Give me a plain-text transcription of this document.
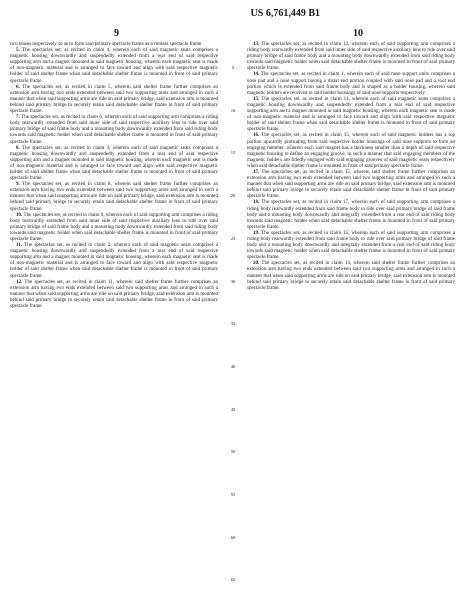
US 6,761,449 B1
9	10

two lenses respectively so as to form said primary spectacle frame as a rimless spectacle frame.

5. The spectacles set, as recited in claim 4, wherein each of said magnetic seats comprises a magnetic housing downwardly and suspendedly extended from a rear end of said respective supporting arm and a magnet mounted in said magnetic housing, wherein each magnetic seat is made of non-magnetic material and is arranged to face toward and align with said respective magnetic holder of said shelter frame when said detachable shelter frame is mounted in front of said primary spectacle frame.

6. The spectacles set, as recited in claim 5, wherein said shelter frame further comprises an extension arm having two ends extended between said two supporting arms and arranged in such a manner that when said supporting arms are ride on said primary bridge, said extension arm is mounted behind said primary bridge to securely retain said detachable shelter frame in front of said primary spectacle frame.

7. The spectacles set, as recited in claim 6, wherein each of said supporting arm comprises a riding body rearwardly extended from said inner side of said respective auxiliary lens to ride over said primary bridge of said frame body and a mounting body downwardly extended from said riding body towards said magnetic holder when said detachable shelter frame is mounted in front of said primary spectacle frame.

8. The spectacles set, as recited in claim 3, wherein each of said magnetic seats comprises a magnetic housing downwardly and suspendedly extended from a rear end of said respective supporting arm and a magnet mounted in said magnetic housing, wherein each magnetic seat is made of non-magnetic material and is arranged to face toward and align with said respective magnetic holder of said shelter frame when said detachable shelter frame is mounted in front of said primary spectacle frame.

9. The spectacles set, as recited in claim 8, wherein said shelter frame further comprises an extension arm having two ends extended between said two supporting arms and arranged in such a manner that when said supporting arms are ride on said primary bridge, said extension arm is mounted behind said primary bridge to securely retain said detachable shelter frame in front of said primary spectacle frame.

10. The spectacles set, as recited in claim 9, wherein each of said supporting arm comprises a riding body rearwardly extended from said inner side of said respective auxiliary lens to ride over said primary bridge of said frame body and a mounting body downwardly extended from said riding body towards said magnetic holder when said detachable shelter frame is mounted in front of said primary spectacle frame.

11. The spectacles set, as recited in claim 2, wherein each of said magnetic seats comprises a magnetic housing downwardly and suspendedly extended from a rear end of said respective supporting arm and a magnet mounted in said magnetic housing, wherein each magnetic seat is made of non-magnetic material and is arranged to face toward and align with said respective magnetic holder of said shelter frame when said detachable shelter frame is mounted in front of said primary spectacle frame.

12. The spectacles set, as recited in claim 11, wherein said shelter frame further comprises an extension arm having two ends extended between said two supporting arms and arranged in such a manner that when said supporting arms are ride on said primary bridge, said extension arm is mounted behind said primary bridge to securely retain said detachable shelter frame in front of said primary spectacle frame.

5
10
15
20
25
30
35
40
45
50
55
60
65

13. The spectacles set, as recited in claim 12, wherein each of said supporting arm comprises a riding body rearwardly extended from said inner side of said respective auxiliary lens to ride over said primary bridge of said frame body and a mounting body downwardly extended from said riding body towards said magnetic holder when said detachable shelter frame is mounted in front of said primary spectacle frame.

14. The spectacles set, as recited in claim 1, wherein each of said nose support units comprises a nose pad and a nose support having a distal end portion coupled with said nose pad and a root end portion which is extended from said frame body and is shaped as a holder housing, wherein said magnetic holders are received in said holder housings of said nose supports respectively.

15. The spectacles set, as recited in claim 14, wherein each of said magnetic seats comprises a magnetic housing downwardly and suspendedly extended from a rear end of said respective supporting arm and a magnet mounted in said magnetic housing, wherein each magnetic seat is made of non-magnetic material and is arranged to face toward and align with said respective magnetic holder of said shelter frame when said detachable shelter frame is mounted in front of said primary spectacle frame.

16. The spectacles set, as recited in claim 15, wherein each of said magnetic holders has a top portion upwardly protruding from said respective holder housings of said nose supports to form an engaging member, wherein each said magnet has a thickness smaller than a depth of said respective magnetic housing to define an engaging groove, in such a manner that said engaging members of the magnetic holders are fittedly engaged with said engaging grooves of said magnetic seats respectively when said detachable shelter frame is mounted in front of said primary spectacle frame.

17. The spectacles set, as recited in claim 15, wherein said shelter frame further comprises an extension arm having two ends extended between said two supporting arms and arranged in such a manner that when said supporting arms are ride on said primary bridge, said extension arm is mounted behind said primary bridge to securely retain said detachable shelter frame in front of said primary spectacle frame.

18. The spectacles set, as recited in claim 17, wherein each of said supporting arm comprises a riding body rearwardly extended from said frame body to ride over said primary bridge of said frame body and a mounting body downwardly and integrally extended from a rear end of said riding body towards said magnetic holder when said detachable shelter frame is mounted in front of said primary spectacle frame.

19. The spectacles set, as recited in claim 15, wherein each of said supporting arm comprises a riding body rearwardly extended from said frame body to ride over said primary bridge of said frame body and a mounting body downwardly and integrally extended from a rear end of said riding body towards said magnetic holder when said detachable shelter frame is mounted in front of said primary spectacle frame.

20. The spectacles set, as recited in claim 14, wherein said shelter frame further comprises an extension arm having two ends extended between said two supporting arms and arranged in such a manner that when said supporting arms are ride on said primary bridge, said extension arm is mounted behind said primary bridge to securely retain said detachable shelter frame in front of said primary spectacle frame.
